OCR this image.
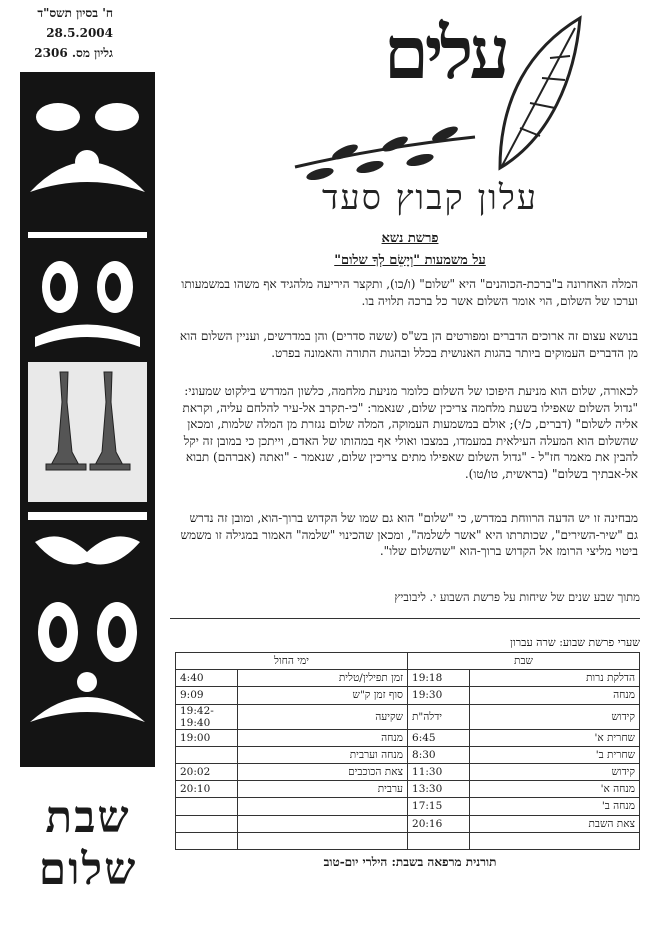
ח' בסיון תשס"ד
28.5.2004
גליון מס. 2306
שבת
שלום
עלים
עלון קבוץ סעד
פרשת נשא
על משמעות "וְיָשֵׂם לְךָ שלום"
המלה האחרונה ב"ברכת-הכוהנים" היא "שלום" (ו/כו), ותקצר היריעה מלהגיד אף משהו במשמעותו וערכו של השלום, הוי אומר השלום אשר כל ברכה תלויה בו.
בנושא עצום זה ארוכים הדברים ומפורטים הן בש"ס (ששה סדרים) והן במדרשים, ועניין השלום הוא מן הדברים העמוקים ביותר בהגות האנושית בכלל ובהגות התורה והאמונה בפרט.
לכאורה, שלום הוא מניעת היפוכו של השלום כלומר מניעת מלחמה, כלשון המדרש בילקוט שמעוני: "גדול השלום שאפילו בשעת מלחמה צריכין שלום, שנאמר: "כי-תקרב אל-עיר להלחם עליה, וקראת אליה לשלום" (דברים, כ/י); אולם במשמעות העמוקה, המלה שלום נגזרת מן המלה שלמות, ומכאן שהשלום הוא המעלה העילאית במעמדו, במצבו ואולי אף במהותו של האדם, וייתכן כי במובן זה יקל להבין את מאמר חז"ל - "גדול השלום שאפילו מתים צריכין שלום, שנאמר - "ואתה (אברהם) תבוא אל-אבתיך בשלום" (בראשית, טו/טו).
מבחינה זו יש הדעה הרווחת במדרש, כי "שלום" הוא גם שמו של הקדוש ברוך-הוא, ומובן זה נדרש גם "שיר-השירים", שכותרתו היא "אשר לשלמה", ומכאן שהכינוי "שלמה" האמור במגילה זו משמש ביטוי מליצי הרומז אל הקדוש ברוך-הוא "שהשלום שלו".
מתוך שבע שנים של שיחות על פרשת השבוע י. ליבוביץ
שערי פרשת שבוע: שרה עברון
שבת		ימי החול	
הדלקת נרות	19:18	זמן תפילין/טלית	4:40
מנחה	19:30	סוף זמן ק"ש	9:09
קידוש	ידלה"ת	שקיעה	19:42-19:40
שחרית א'	6:45	מנחה	19:00
שחרית ב'	8:30	מנחה וערבית	
קידוש	11:30	צאת הכוכבים	20:02
מנחה א'	13:30	ערבית	20:10
מנחה ב'	17:15		
צאת השבת	20:16		

תורנית מרפאה בשבת: הילרי יום-טוב
